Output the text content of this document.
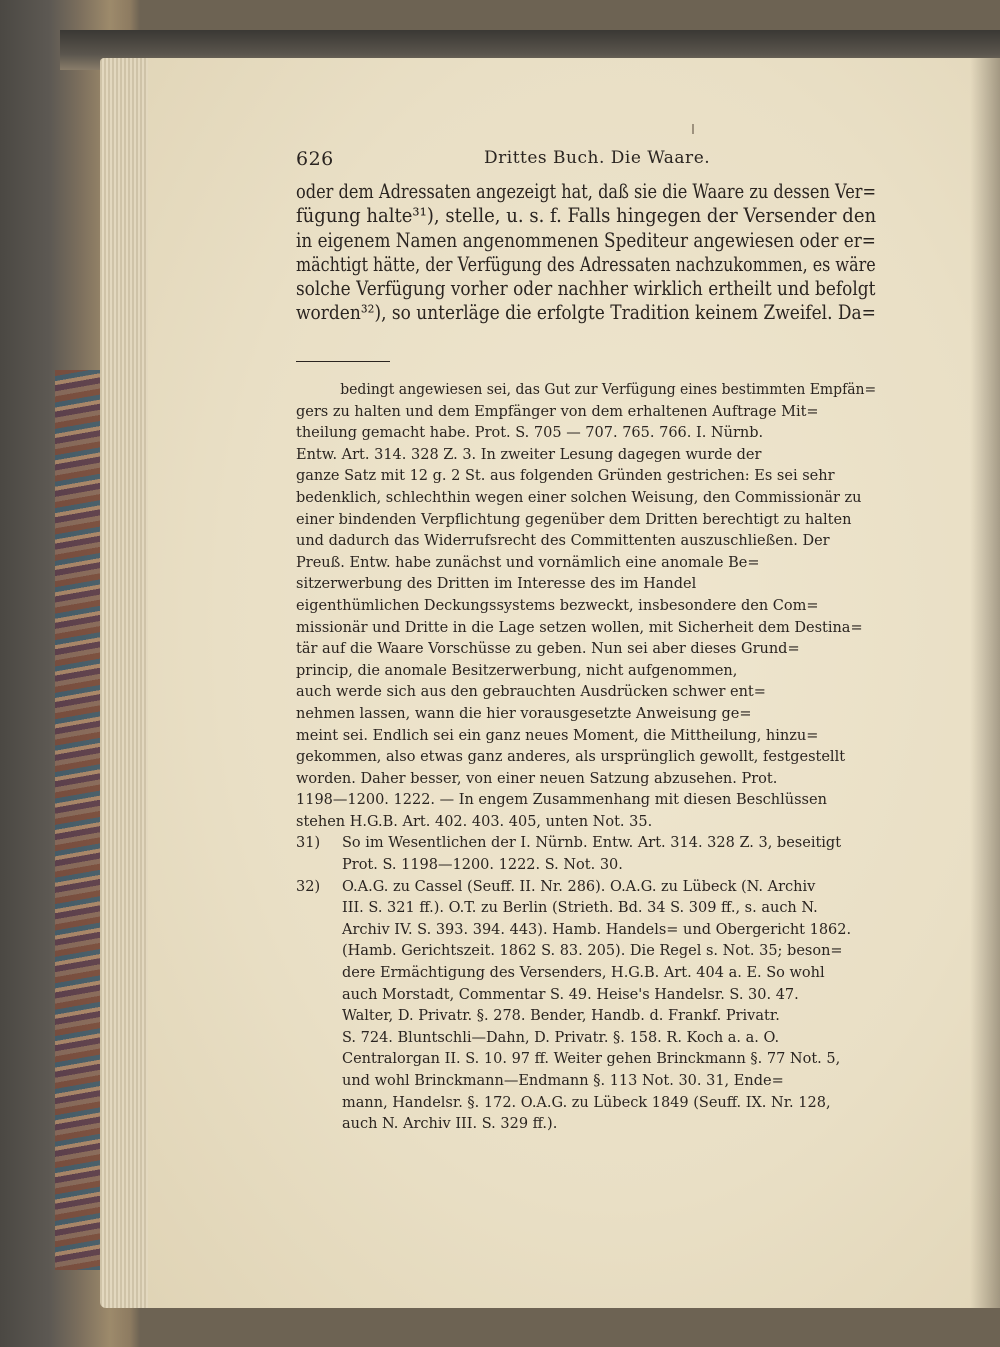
626	Drittes Buch. Die Waare.
oder dem Adressaten angezeigt hat, daß sie die Waare zu dessen Ver=
fügung halte³¹), stelle, u. s. f. Falls hingegen der Versender den
in eigenem Namen angenommenen Spediteur angewiesen oder er=
mächtigt hätte, der Verfügung des Adressaten nachzukommen, es wäre
solche Verfügung vorher oder nachher wirklich ertheilt und befolgt
worden³²), so unterläge die erfolgte Tradition keinem Zweifel. Da=
bedingt angewiesen sei, das Gut zur Verfügung eines bestimmten Empfän=
gers zu halten und dem Empfänger von dem erhaltenen Auftrage Mit=
theilung gemacht habe. Prot. S. 705 — 707. 765. 766. I. Nürnb.
Entw. Art. 314. 328 Z. 3. In zweiter Lesung dagegen wurde der
ganze Satz mit 12 g. 2 St. aus folgenden Gründen gestrichen: Es sei sehr
bedenklich, schlechthin wegen einer solchen Weisung, den Commissionär zu
einer bindenden Verpflichtung gegenüber dem Dritten berechtigt zu halten
und dadurch das Widerrufsrecht des Committenten auszuschließen. Der
Preuß. Entw. habe zunächst und vornämlich eine anomale Be=
sitzerwerbung des Dritten im Interesse des im Handel
eigenthümlichen Deckungssystems bezweckt, insbesondere den Com=
missionär und Dritte in die Lage setzen wollen, mit Sicherheit dem Destina=
tär auf die Waare Vorschüsse zu geben. Nun sei aber dieses Grund=
princip, die anomale Besitzerwerbung, nicht aufgenommen,
auch werde sich aus den gebrauchten Ausdrücken schwer ent=
nehmen lassen, wann die hier vorausgesetzte Anweisung ge=
meint sei. Endlich sei ein ganz neues Moment, die Mittheilung, hinzu=
gekommen, also etwas ganz anderes, als ursprünglich gewollt, festgestellt
worden. Daher besser, von einer neuen Satzung abzusehen. Prot.
1198—1200. 1222. — In engem Zusammenhang mit diesen Beschlüssen
stehen H.G.B. Art. 402. 403. 405, unten Not. 35.
31) So im Wesentlichen der I. Nürnb. Entw. Art. 314. 328 Z. 3, beseitigt
Prot. S. 1198—1200. 1222. S. Not. 30.
32) O.A.G. zu Cassel (Seuff. II. Nr. 286). O.A.G. zu Lübeck (N. Archiv
III. S. 321 ff.). O.T. zu Berlin (Strieth. Bd. 34 S. 309 ff., s. auch N.
Archiv IV. S. 393. 394. 443). Hamb. Handels= und Obergericht 1862.
(Hamb. Gerichtszeit. 1862 S. 83. 205). Die Regel s. Not. 35; beson=
dere Ermächtigung des Versenders, H.G.B. Art. 404 a. E. So wohl
auch Morstadt, Commentar S. 49. Heise's Handelsr. S. 30. 47.
Walter, D. Privatr. §. 278. Bender, Handb. d. Frankf. Privatr.
S. 724. Bluntschli—Dahn, D. Privatr. §. 158. R. Koch a. a. O.
Centralorgan II. S. 10. 97 ff. Weiter gehen Brinckmann §. 77 Not. 5,
und wohl Brinckmann—Endmann §. 113 Not. 30. 31, Ende=
mann, Handelsr. §. 172. O.A.G. zu Lübeck 1849 (Seuff. IX. Nr. 128,
auch N. Archiv III. S. 329 ff.).
